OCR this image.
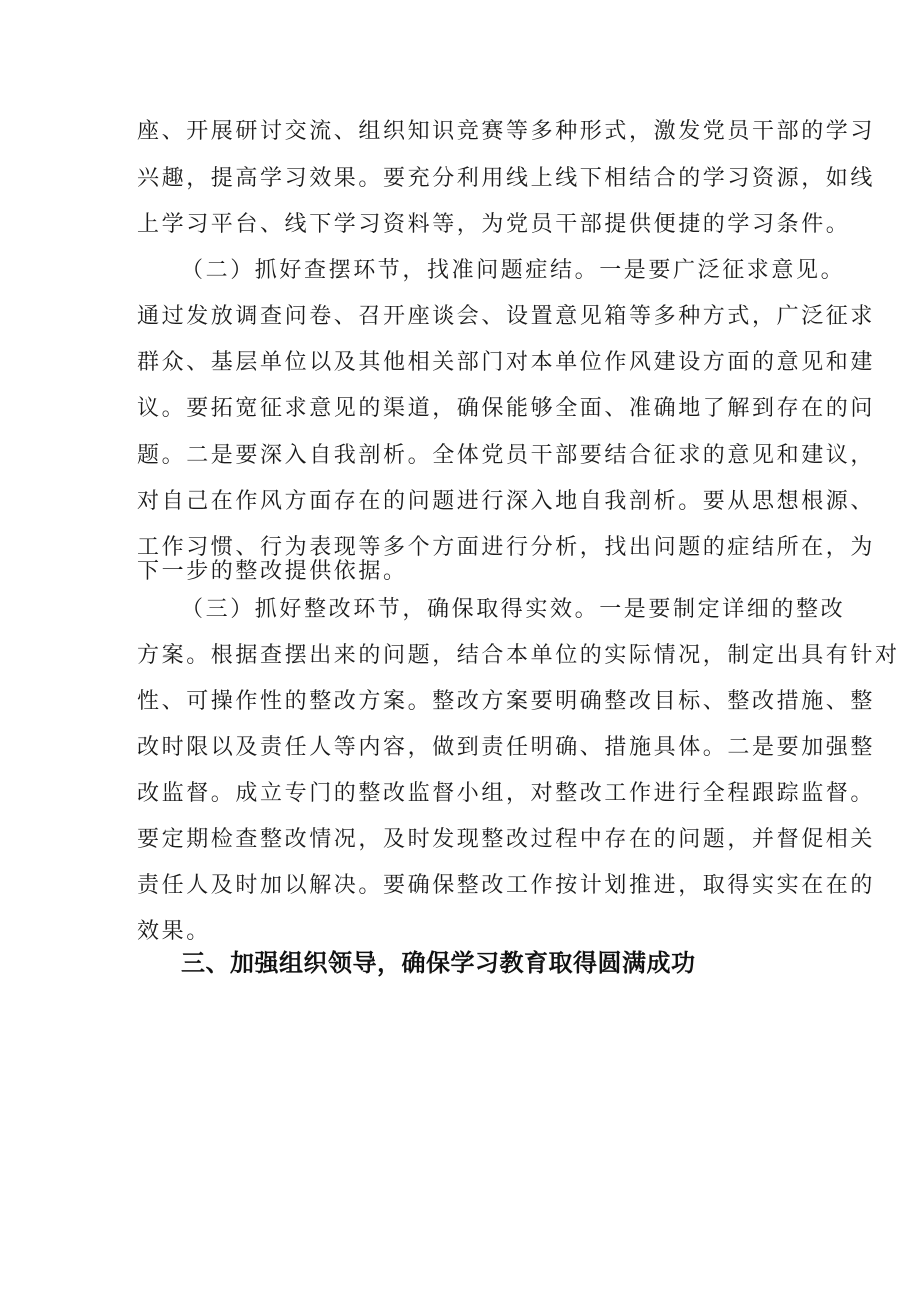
座、开展研讨交流、组织知识竞赛等多种形式，激发党员干部的学习
兴趣，提高学习效果。要充分利用线上线下相结合的学习资源，如线
上学习平台、线下学习资料等，为党员干部提供便捷的学习条件。
（二）抓好查摆环节，找准问题症结。一是要广泛征求意见。
通过发放调查问卷、召开座谈会、设置意见箱等多种方式，广泛征求
群众、基层单位以及其他相关部门对本单位作风建设方面的意见和建
议。要拓宽征求意见的渠道，确保能够全面、准确地了解到存在的问
题。二是要深入自我剖析。全体党员干部要结合征求的意见和建议，
对自己在作风方面存在的问题进行深入地自我剖析。要从思想根源、
工作习惯、行为表现等多个方面进行分析，找出问题的症结所在，为
下一步的整改提供依据。
（三）抓好整改环节，确保取得实效。一是要制定详细的整改
方案。根据查摆出来的问题，结合本单位的实际情况，制定出具有针对
性、可操作性的整改方案。整改方案要明确整改目标、整改措施、整
改时限以及责任人等内容，做到责任明确、措施具体。二是要加强整
改监督。成立专门的整改监督小组，对整改工作进行全程跟踪监督。
要定期检查整改情况，及时发现整改过程中存在的问题，并督促相关
责任人及时加以解决。要确保整改工作按计划推进，取得实实在在的
效果。
三、加强组织领导，确保学习教育取得圆满成功
